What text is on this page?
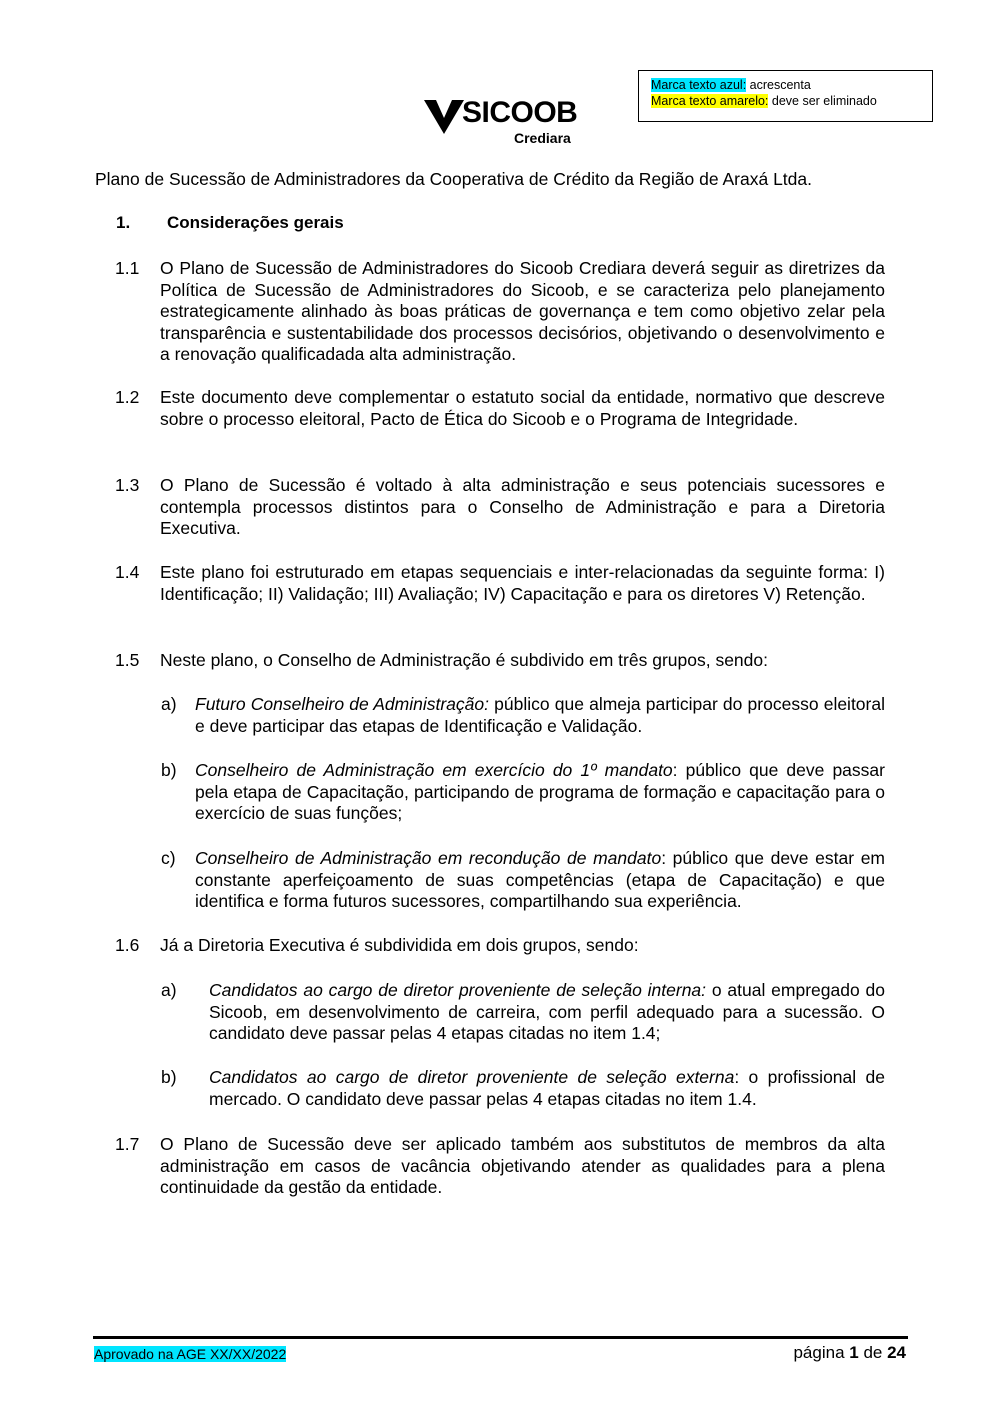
Marca texto azul: acrescenta
Marca texto amarelo: deve ser eliminado
SICOOB
Crediara
Plano de Sucessão de Administradores da Cooperativa de Crédito da Região de Araxá Ltda.
1. Considerações gerais
1.1 O Plano de Sucessão de Administradores do Sicoob Crediara deverá seguir as diretrizes da Política de Sucessão de Administradores do Sicoob, e se caracteriza pelo planejamento estrategicamente alinhado às boas práticas de governança e tem como objetivo zelar pela transparência e sustentabilidade dos processos decisórios, objetivando o desenvolvimento e a renovação qualificadada alta administração.
1.2 Este documento deve complementar o estatuto social da entidade, normativo que descreve sobre o processo eleitoral, Pacto de Ética do Sicoob e o Programa de Integridade.
1.3 O Plano de Sucessão é voltado à alta administração e seus potenciais sucessores e contempla processos distintos para o Conselho de Administração e para a Diretoria Executiva.
1.4 Este plano foi estruturado em etapas sequenciais e inter-relacionadas da seguinte forma: I) Identificação; II) Validação; III) Avaliação; IV) Capacitação e para os diretores V) Retenção.
1.5 Neste plano, o Conselho de Administração é subdivido em três grupos, sendo:
a) Futuro Conselheiro de Administração: público que almeja participar do processo eleitoral e deve participar das etapas de Identificação e Validação.
b) Conselheiro de Administração em exercício do 1º mandato: público que deve passar pela etapa de Capacitação, participando de programa de formação e capacitação para o exercício de suas funções;
c) Conselheiro de Administração em recondução de mandato: público que deve estar em constante aperfeiçoamento de suas competências (etapa de Capacitação) e que identifica e forma futuros sucessores, compartilhando sua experiência.
1.6 Já a Diretoria Executiva é subdividida em dois grupos, sendo:
a) Candidatos ao cargo de diretor proveniente de seleção interna: o atual empregado do Sicoob, em desenvolvimento de carreira, com perfil adequado para a sucessão. O candidato deve passar pelas 4 etapas citadas no item 1.4;
b) Candidatos ao cargo de diretor proveniente de seleção externa: o profissional de mercado. O candidato deve passar pelas 4 etapas citadas no item 1.4.
1.7 O Plano de Sucessão deve ser aplicado também aos substitutos de membros da alta administração em casos de vacância objetivando atender as qualidades para a plena continuidade da gestão da entidade.
Aprovado na AGE XX/XX/2022	página 1 de 24
